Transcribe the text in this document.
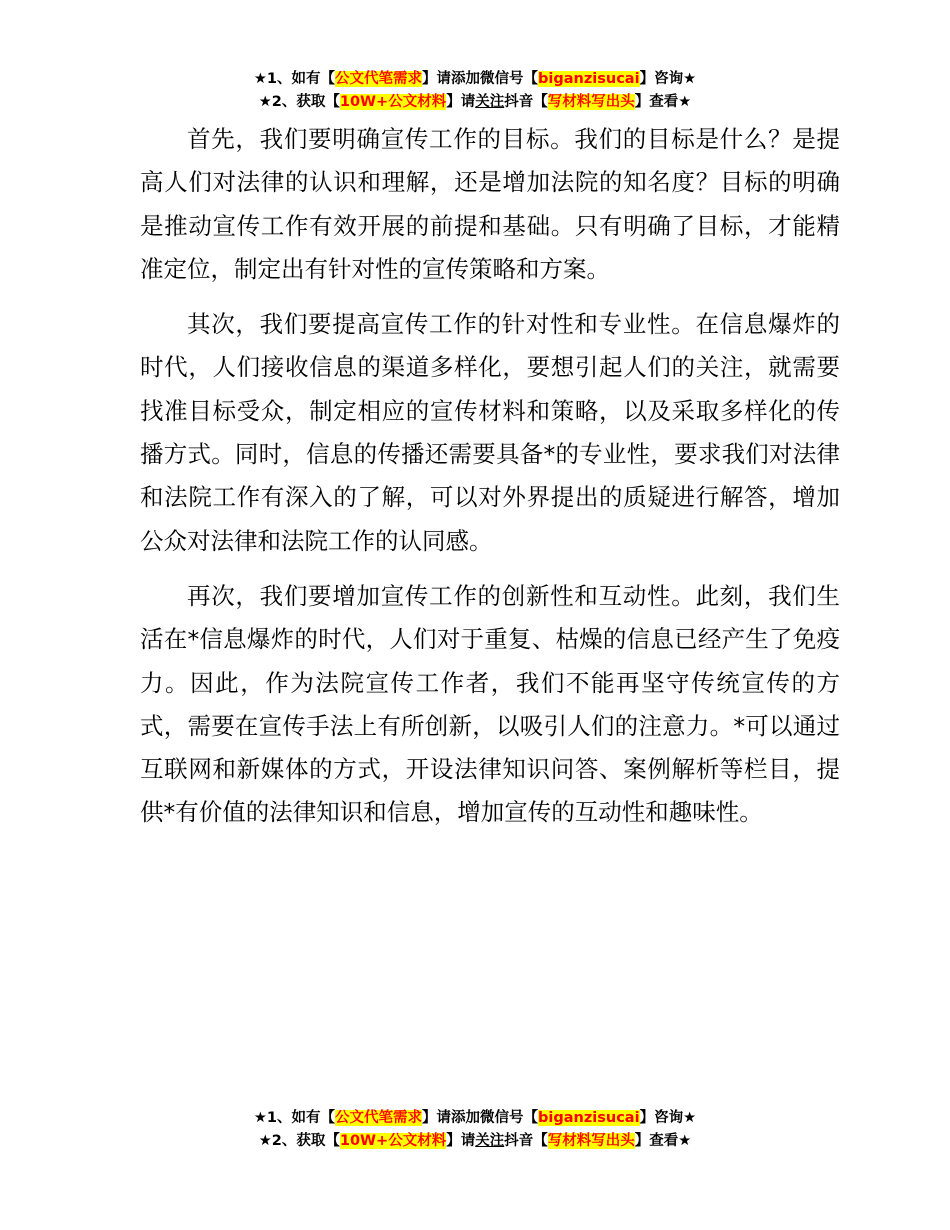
★1、如有【公文代笔需求】请添加微信号【biganzisucai】咨询★
★2、获取【10W+公文材料】请关注抖音【写材料写出头】查看★

首先，我们要明确宣传工作的目标。我们的目标是什么？是提高人们对法律的认识和理解，还是增加法院的知名度？目标的明确是推动宣传工作有效开展的前提和基础。只有明确了目标，才能精准定位，制定出有针对性的宣传策略和方案。

其次，我们要提高宣传工作的针对性和专业性。在信息爆炸的时代，人们接收信息的渠道多样化，要想引起人们的关注，就需要找准目标受众，制定相应的宣传材料和策略，以及采取多样化的传播方式。同时，信息的传播还需要具备*的专业性，要求我们对法律和法院工作有深入的了解，可以对外界提出的质疑进行解答，增加公众对法律和法院工作的认同感。

再次，我们要增加宣传工作的创新性和互动性。此刻，我们生活在*信息爆炸的时代，人们对于重复、枯燥的信息已经产生了免疫力。因此，作为法院宣传工作者，我们不能再坚守传统宣传的方式，需要在宣传手法上有所创新，以吸引人们的注意力。*可以通过互联网和新媒体的方式，开设法律知识问答、案例解析等栏目，提供*有价值的法律知识和信息，增加宣传的互动性和趣味性。

★1、如有【公文代笔需求】请添加微信号【biganzisucai】咨询★
★2、获取【10W+公文材料】请关注抖音【写材料写出头】查看★
